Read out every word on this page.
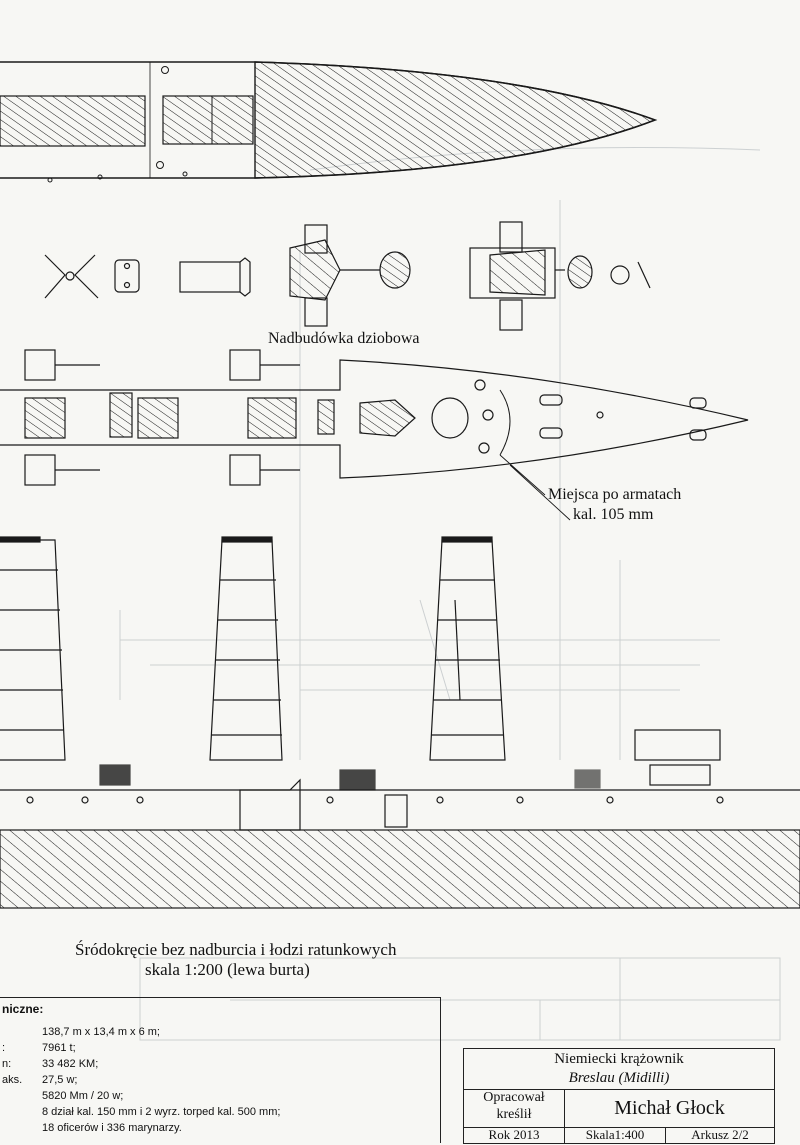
Nadbudówka dziobowa
Miejsca po armatach
kal. 105 mm
Śródokręcie bez nadburcia i łodzi ratunkowych
skala 1:200 (lewa burta)
niczne:
138,7 m x 13,4 m x 6 m;
:	7961 t;
n:	33 482 KM;
aks. 27,5 w;
5820 Mm / 20 w;
8 dział kal. 150 mm i 2 wyrz. torped kal. 500 mm;
18 oficerów i 336 marynarzy.
Niemiecki krążownik
Breslau (Midilli)
Opracował
kreślił	Michał Głock
Rok 2013	Skala1:400	Arkusz 2/2
